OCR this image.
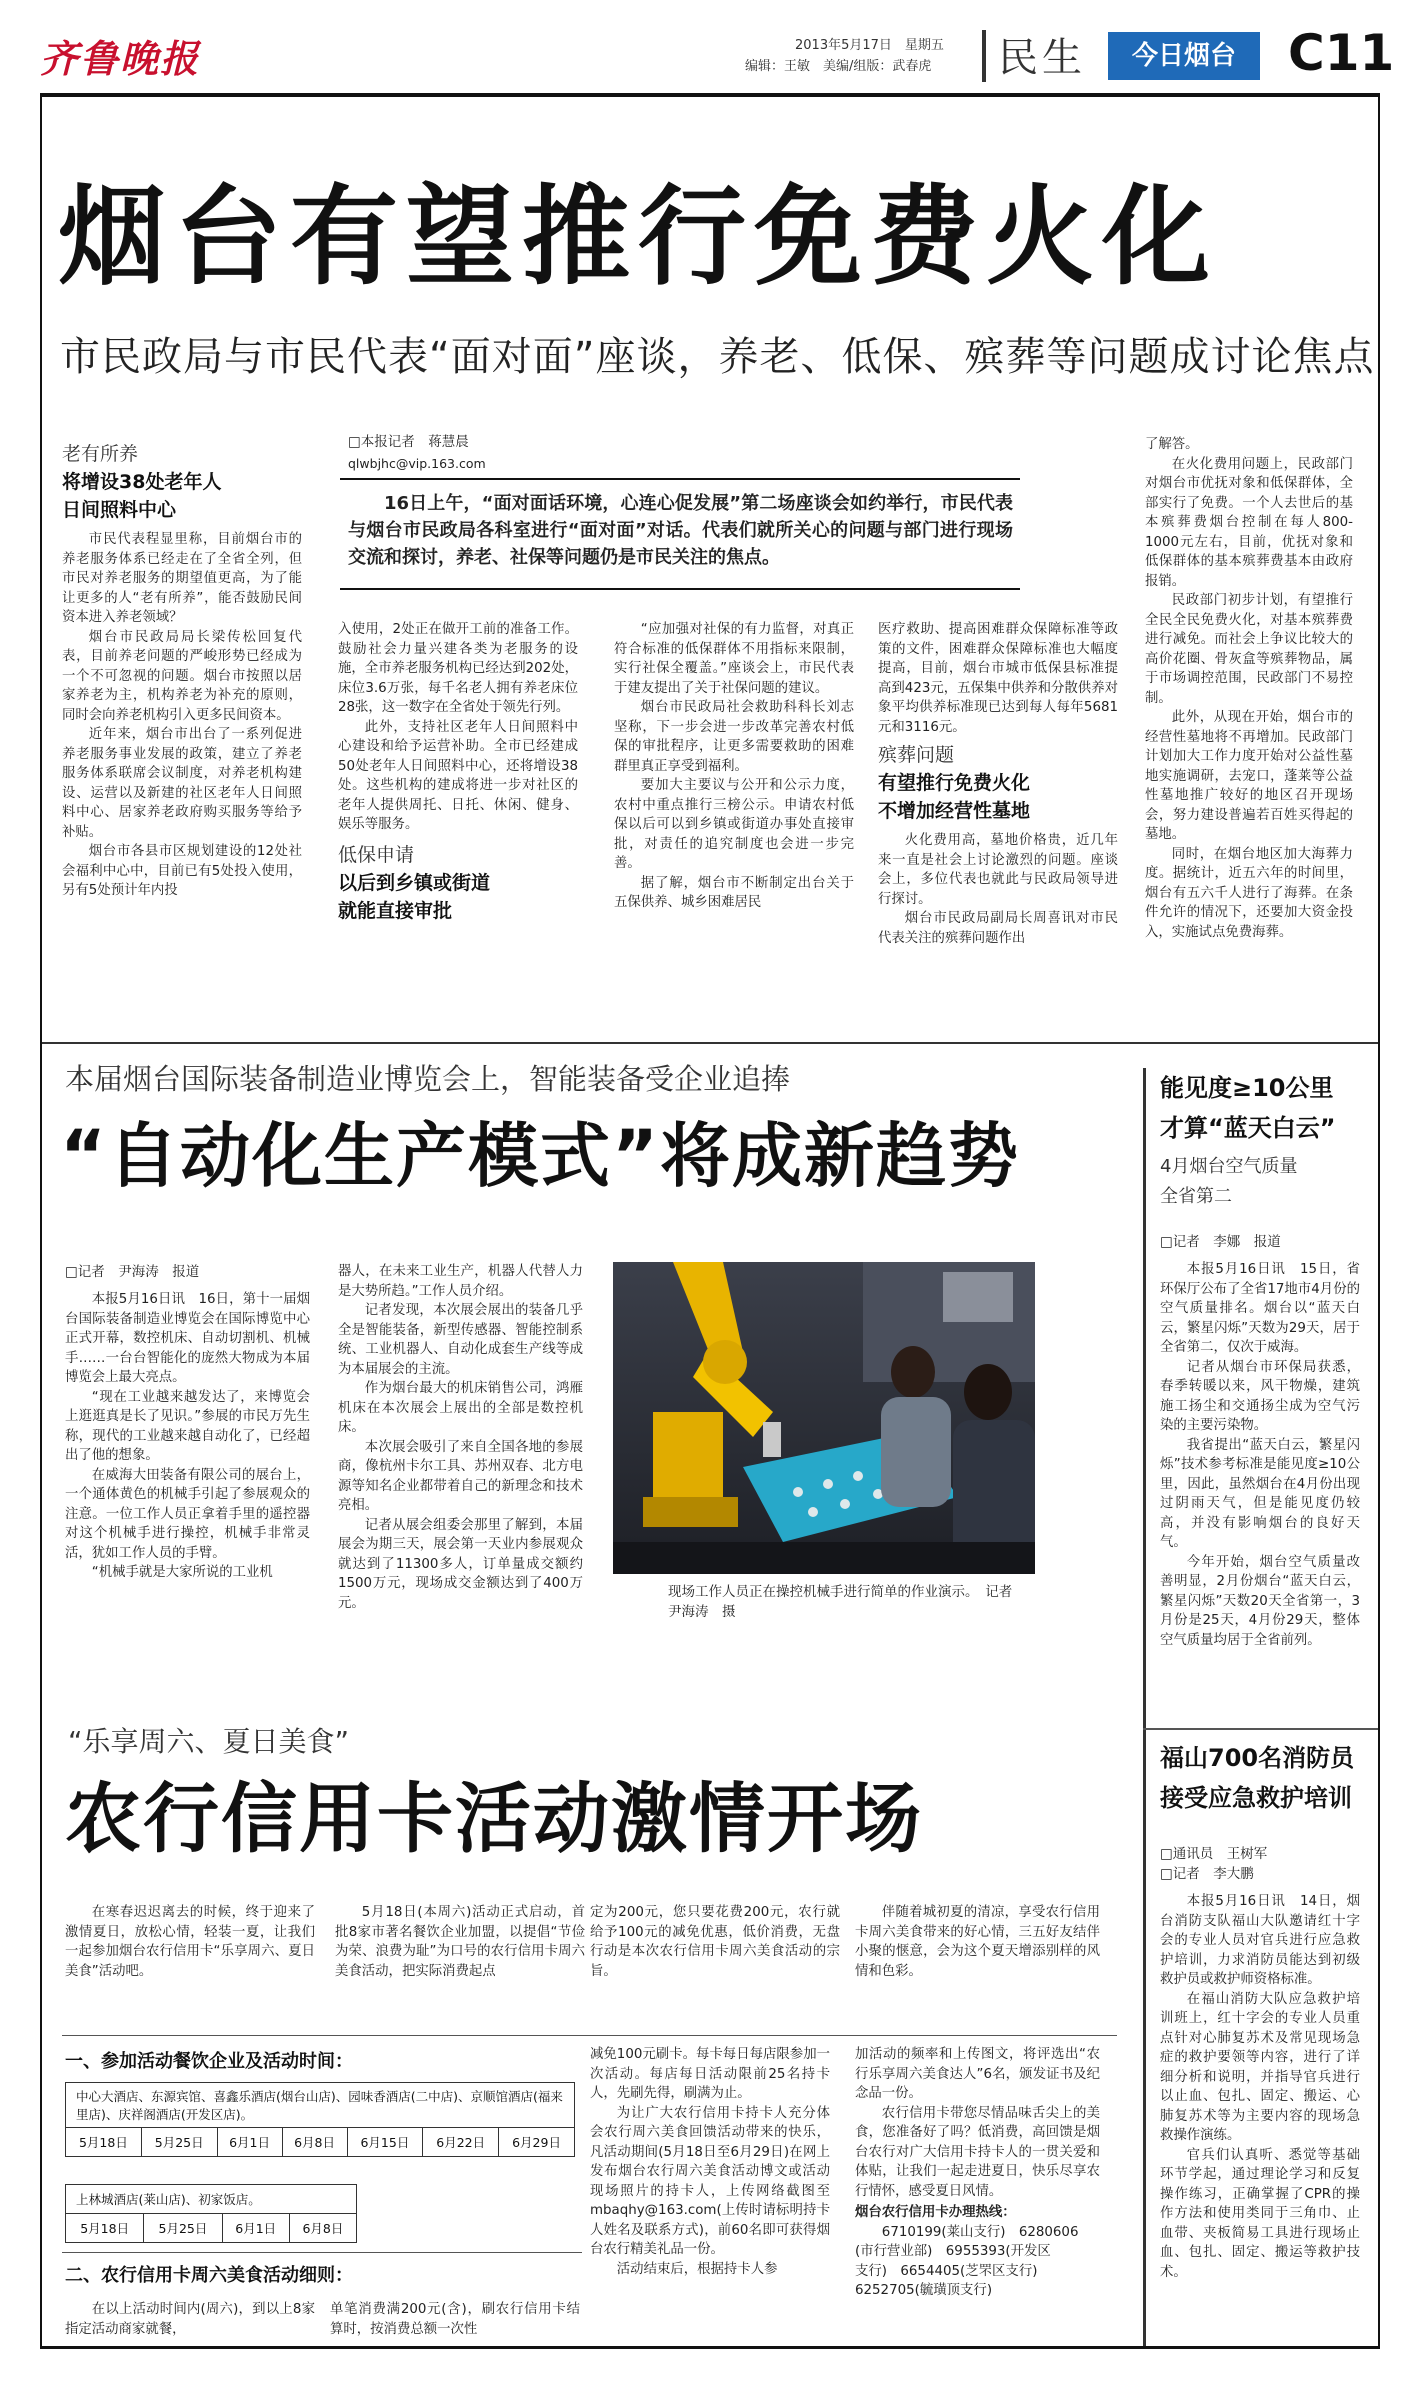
齐鲁晚报	2013年5月17日　星期五
编辑：王敏　美编/组版：武春虎 民生	今日烟台	C11
烟台有望推行免费火化
市民政局与市民代表“面对面”座谈，养老、低保、殡葬等问题成讨论焦点
□本报记者　蒋慧晨
qlwbjhc@vip.163.com
16日上午，“面对面话环境，心连心促发展”第二场座谈会如约举行，市民代表与烟台市民政局各科室进行“面对面”对话。代表们就所关心的问题与部门进行现场交流和探讨，养老、社保等问题仍是市民关注的焦点。
老有所养
将增设38处老年人
日间照料中心

市民代表程显里称，目前烟台市的养老服务体系已经走在了全省全列，但市民对养老服务的期望值更高，为了能让更多的人“老有所养”，能否鼓励民间资本进入养老领域？

烟台市民政局局长梁传松回复代表，目前养老问题的严峻形势已经成为一个不可忽视的问题。烟台市按照以居家养老为主，机构养老为补充的原则，同时会向养老机构引入更多民间资本。

近年来，烟台市出台了一系列促进养老服务事业发展的政策，建立了养老服务体系联席会议制度，对养老机构建设、运营以及新建的社区老年人日间照料中心、居家养老政府购买服务等给予补贴。

烟台市各县市区规划建设的12处社会福利中心中，目前已有5处投入使用，另有5处预计年内投

入使用，2处正在做开工前的准备工作。鼓励社会力量兴建各类为老服务的设施，全市养老服务机构已经达到202处，床位3.6万张，每千名老人拥有养老床位28张，这一数字在全省处于领先行列。

此外，支持社区老年人日间照料中心建设和给予运营补助。全市已经建成50处老年人日间照料中心，还将增设38处。这些机构的建成将进一步对社区的老年人提供周托、日托、休闲、健身、娱乐等服务。

低保申请
以后到乡镇或街道
就能直接审批

“应加强对社保的有力监督，对真正符合标准的低保群体不用指标来限制，实行社保全覆盖。”座谈会上，市民代表于建友提出了关于社保问题的建议。

烟台市民政局社会救助科科长刘志坚称，下一步会进一步改革完善农村低保的审批程序，让更多需要救助的困难群里真正享受到福利。

要加大主要议与公开和公示力度，农村中重点推行三榜公示。申请农村低保以后可以到乡镇或街道办事处直接审批，对责任的追究制度也会进一步完善。

据了解，烟台市不断制定出台关于五保供养、城乡困难居民

医疗救助、提高困难群众保障标准等政策的文件，困难群众保障标准也大幅度提高，目前，烟台市城市低保县标准提高到423元，五保集中供养和分散供养对象平均供养标准现已达到每人每年5681元和3116元。

殡葬问题
有望推行免费火化
不增加经营性墓地

火化费用高，墓地价格贵，近几年来一直是社会上讨论激烈的问题。座谈会上，多位代表也就此与民政局领导进行探讨。

烟台市民政局副局长周喜讯对市民代表关注的殡葬问题作出

了解答。

在火化费用问题上，民政部门对烟台市优抚对象和低保群体，全部实行了免费。一个人去世后的基本殡葬费烟台控制在每人800-1000元左右，目前，优抚对象和低保群体的基本殡葬费基本由政府报销。

民政部门初步计划，有望推行全民全民免费火化，对基本殡葬费进行减免。而社会上争议比较大的高价花圈、骨灰盒等殡葬物品，属于市场调控范围，民政部门不易控制。

此外，从现在开始，烟台市的经营性墓地将不再增加。民政部门计划加大工作力度开始对公益性墓地实施调研，去宠口，蓬莱等公益性墓地推广较好的地区召开现场会，努力建设普遍若百姓买得起的墓地。

同时，在烟台地区加大海葬力度。据统计，近五六年的时间里，烟台有五六千人进行了海葬。在条件允许的情况下，还要加大资金投入，实施试点免费海葬。

本届烟台国际装备制造业博览会上，智能装备受企业追捧
“自动化生产模式”将成新趋势
□记者　尹海涛　报道

本报5月16日讯　16日，第十一届烟台国际装备制造业博览会在国际博览中心正式开幕，数控机床、自动切割机、机械手……一台台智能化的庞然大物成为本届博览会上最大亮点。

“现在工业越来越发达了，来博览会上逛逛真是长了见识。”参展的市民万先生称，现代的工业越来越自动化了，已经超出了他的想象。

在威海大田装备有限公司的展台上，一个通体黄色的机械手引起了参展观众的注意。一位工作人员正拿着手里的遥控器对这个机械手进行操控，机械手非常灵活，犹如工作人员的手臂。

“机械手就是大家所说的工业机

器人，在未来工业生产，机器人代替人力是大势所趋。”工作人员介绍。

记者发现，本次展会展出的装备几乎全是智能装备，新型传感器、智能控制系统、工业机器人、自动化成套生产线等成为本届展会的主流。

作为烟台最大的机床销售公司，鸿雁机床在本次展会上展出的全部是数控机床。

本次展会吸引了来自全国各地的参展商，像杭州卡尔工具、苏州双春、北方电源等知名企业都带着自己的新理念和技术亮相。

记者从展会组委会那里了解到，本届展会为期三天，展会第一天业内参展观众就达到了11300多人，订单量成交额约1500万元，现场成交金额达到了400万元。

现场工作人员正在操控机械手进行简单的作业演示。　记者　尹海涛　摄
能见度≥10公里
才算“蓝天白云”
4月烟台空气质量
全省第二
□记者　李娜　报道

本报5月16日讯　15日，省环保厅公布了全省17地市4月份的空气质量排名。烟台以“蓝天白云，繁星闪烁”天数为29天，居于全省第二，仅次于威海。

记者从烟台市环保局获悉，春季转暖以来，风干物燥，建筑施工扬尘和交通扬尘成为空气污染的主要污染物。

我省提出“蓝天白云，繁星闪烁”技术参考标准是能见度≥10公里，因此，虽然烟台在4月份出现过阴雨天气，但是能见度仍较高，并没有影响烟台的良好天气。

今年开始，烟台空气质量改善明显，2月份烟台“蓝天白云，繁星闪烁”天数20天全省第一，3月份是25天，4月份29天，整体空气质量均居于全省前列。

福山700名消防员
接受应急救护培训
□通讯员　王树军
□记者　李大鹏

本报5月16日讯　14日，烟台消防支队福山大队邀请红十字会的专业人员对官兵进行应急救护培训，力求消防员能达到初级救护员或救护师资格标准。

在福山消防大队应急救护培训班上，红十字会的专业人员重点针对心肺复苏术及常见现场急症的救护要领等内容，进行了详细分析和说明，并指导官兵进行以止血、包扎、固定、搬运、心肺复苏术等为主要内容的现场急救操作演练。

官兵们认真听、悉觉等基础环节学起，通过理论学习和反复操作练习，正确掌握了CPR的操作方法和使用类同于三角巾、止血带、夹板简易工具进行现场止血、包扎、固定、搬运等救护技术。

“乐享周六、夏日美食”
农行信用卡活动激情开场

在寒春迟迟离去的时候，终于迎来了激情夏日，放松心情，轻装一夏，让我们一起参加烟台农行信用卡“乐享周六、夏日美食”活动吧。

5月18日(本周六)活动正式启动，首批8家市著名餐饮企业加盟，以提倡“节俭为荣、浪费为耻”为口号的农行信用卡周六美食活动，把实际消费起点

定为200元，您只要花费200元，农行就给予100元的减免优惠，低价消费，无盘行动是本次农行信用卡周六美食活动的宗旨。

伴随着城初夏的清凉，享受农行信用卡周六美食带来的好心情，三五好友结伴小聚的惬意，会为这个夏天增添别样的风情和色彩。

一、参加活动餐饮企业及活动时间：
中心大酒店、东源宾馆、喜鑫乐酒店(烟台山店)、园味香酒店(二中店)、京顺馆酒店(福来里店)、庆祥阁酒店(开发区店)。
5月18日	5月25日	6月1日	6月8日	6月15日	6月22日	6月29日
上林城酒店(莱山店)、初家饭店。
5月18日	5月25日	6月1日	6月8日
二、农行信用卡周六美食活动细则：

在以上活动时间内(周六)，到以上8家指定活动商家就餐，

单笔消费满200元(含)，刷农行信用卡结算时，按消费总额一次性

减免100元刷卡。每卡每日每店限参加一次活动。每店每日活动限前25名持卡人，先刷先得，刷满为止。

为让广大农行信用卡持卡人充分体会农行周六美食回馈活动带来的快乐，凡活动期间(5月18日至6月29日)在网上发布烟台农行周六美食活动博文或活动现场照片的持卡人，上传网络截图至mbaqhy@163.com(上传时请标明持卡人姓名及联系方式)，前60名即可获得烟台农行精美礼品一份。

活动结束后，根据持卡人参

加活动的频率和上传图文，将评选出“农行乐享周六美食达人”6名，颁发证书及纪念品一份。

农行信用卡带您尽情品味舌尖上的美食，您准备好了吗？低消费，高回馈是烟台农行对广大信用卡持卡人的一贯关爱和体贴，让我们一起走进夏日，快乐尽享农行情怀，感受夏日风情。

烟台农行信用卡办理热线：
6710199(莱山支行)　6280606
(市行营业部)　6955393(开发区
支行)　6654405(芝罘区支行)
6252705(毓璜顶支行)
